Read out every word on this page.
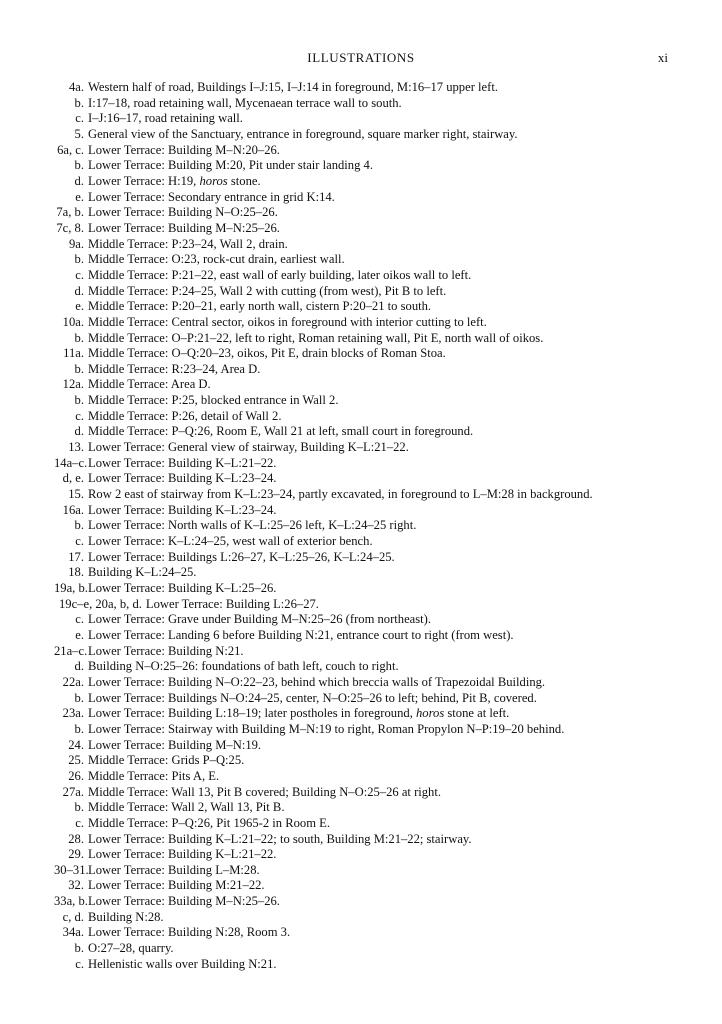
ILLUSTRATIONS	xi
4a. Western half of road, Buildings I–J:15, I–J:14 in foreground, M:16–17 upper left.
b. I:17–18, road retaining wall, Mycenaean terrace wall to south.
c. I–J:16–17, road retaining wall.
5. General view of the Sanctuary, entrance in foreground, square marker right, stairway.
6a, c. Lower Terrace: Building M–N:20–26.
b. Lower Terrace: Building M:20, Pit under stair landing 4.
d. Lower Terrace: H:19, horos stone.
e. Lower Terrace: Secondary entrance in grid K:14.
7a, b. Lower Terrace: Building N–O:25–26.
7c, 8. Lower Terrace: Building M–N:25–26.
9a. Middle Terrace: P:23–24, Wall 2, drain.
b. Middle Terrace: O:23, rock-cut drain, earliest wall.
c. Middle Terrace: P:21–22, east wall of early building, later oikos wall to left.
d. Middle Terrace: P:24–25, Wall 2 with cutting (from west), Pit B to left.
e. Middle Terrace: P:20–21, early north wall, cistern P:20–21 to south.
10a. Middle Terrace: Central sector, oikos in foreground with interior cutting to left.
b. Middle Terrace: O–P:21–22, left to right, Roman retaining wall, Pit E, north wall of oikos.
11a. Middle Terrace: O–Q:20–23, oikos, Pit E, drain blocks of Roman Stoa.
b. Middle Terrace: R:23–24, Area D.
12a. Middle Terrace: Area D.
b. Middle Terrace: P:25, blocked entrance in Wall 2.
c. Middle Terrace: P:26, detail of Wall 2.
d. Middle Terrace: P–Q:26, Room E, Wall 21 at left, small court in foreground.
13. Lower Terrace: General view of stairway, Building K–L:21–22.
14a–c.Lower Terrace: Building K–L:21–22.
d, e. Lower Terrace: Building K–L:23–24.
15. Row 2 east of stairway from K–L:23–24, partly excavated, in foreground to L–M:28 in background.
16a. Lower Terrace: Building K–L:23–24.
b. Lower Terrace: North walls of K–L:25–26 left, K–L:24–25 right.
c. Lower Terrace: K–L:24–25, west wall of exterior bench.
17. Lower Terrace: Buildings L:26–27, K–L:25–26, K–L:24–25.
18. Building K–L:24–25.
19a, b.Lower Terrace: Building K–L:25–26.
19c–e, 20a, b, d. Lower Terrace: Building L:26–27.
c. Lower Terrace: Grave under Building M–N:25–26 (from northeast).
e. Lower Terrace: Landing 6 before Building N:21, entrance court to right (from west).
21a–c.Lower Terrace: Building N:21.
d. Building N–O:25–26: foundations of bath left, couch to right.
22a. Lower Terrace: Building N–O:22–23, behind which breccia walls of Trapezoidal Building.
b. Lower Terrace: Buildings N–O:24–25, center, N–O:25–26 to left; behind, Pit B, covered.
23a. Lower Terrace: Building L:18–19; later postholes in foreground, horos stone at left.
b. Lower Terrace: Stairway with Building M–N:19 to right, Roman Propylon N–P:19–20 behind.
24. Lower Terrace: Building M–N:19.
25. Middle Terrace: Grids P–Q:25.
26. Middle Terrace: Pits A, E.
27a. Middle Terrace: Wall 13, Pit B covered; Building N–O:25–26 at right.
b. Middle Terrace: Wall 2, Wall 13, Pit B.
c. Middle Terrace: P–Q:26, Pit 1965-2 in Room E.
28. Lower Terrace: Building K–L:21–22; to south, Building M:21–22; stairway.
29. Lower Terrace: Building K–L:21–22.
30–31.Lower Terrace: Building L–M:28.
32. Lower Terrace: Building M:21–22.
33a, b.Lower Terrace: Building M–N:25–26.
c, d. Building N:28.
34a. Lower Terrace: Building N:28, Room 3.
b. O:27–28, quarry.
c. Hellenistic walls over Building N:21.
